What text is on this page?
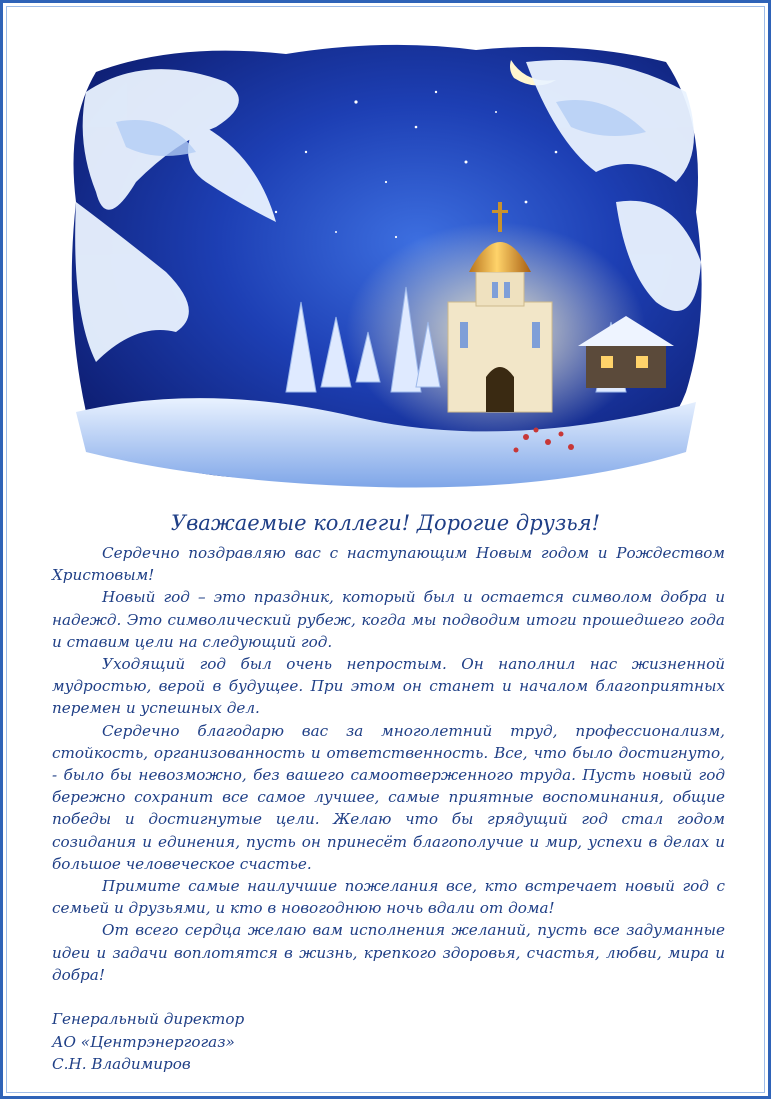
Уважаемые коллеги! Дорогие друзья!

Сердечно поздравляю вас с наступающим Новым годом и Рождеством Христовым!

Новый год – это праздник, который был и остается символом добра и надежд. Это символический рубеж, когда мы подводим итоги прошедшего года и ставим цели на следующий год.

Уходящий год был очень непростым. Он наполнил нас жизненной мудростью, верой в будущее. При этом он станет и началом благоприятных перемен и успешных дел.

Сердечно благодарю вас за многолетний труд, профессионализм, стойкость, организованность и ответственность. Все, что было достигнуто, - было бы невозможно, без вашего самоотверженного труда. Пусть новый год бережно сохранит все самое лучшее, самые приятные воспоминания, общие победы и достигнутые цели. Желаю что бы грядущий год стал годом созидания и единения, пусть он принесёт благополучие и мир, успехи в делах и большое человеческое счастье.

Примите самые наилучшие пожелания все, кто встречает новый год с семьей и друзьями, и кто в новогоднюю ночь вдали от дома!

От всего сердца желаю вам исполнения желаний, пусть все задуманные идеи и задачи воплотятся в жизнь, крепкого здоровья, счастья, любви, мира и добра!

Генеральный директор
АО «Центрэнергогаз»
С.Н. Владимиров
